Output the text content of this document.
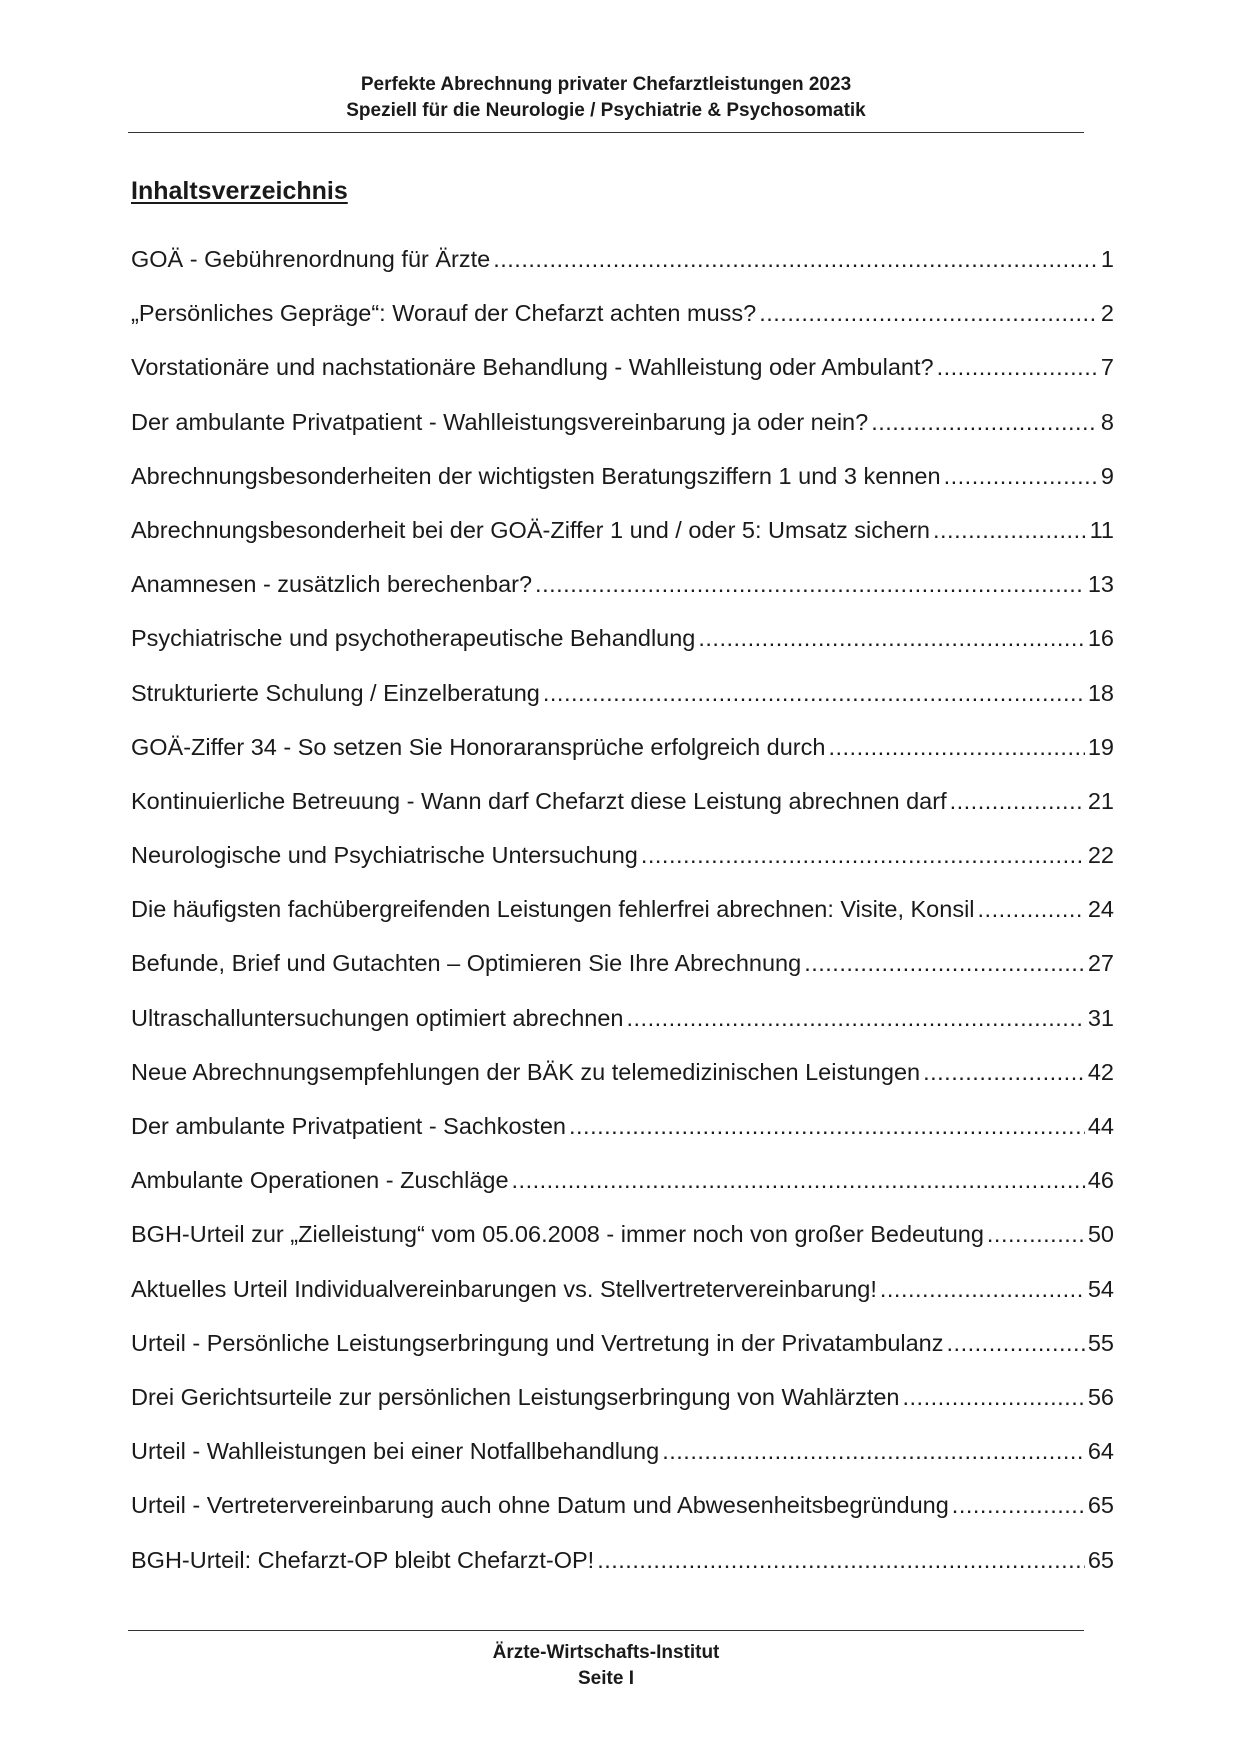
Perfekte Abrechnung privater Chefarztleistungen 2023
Speziell für die Neurologie / Psychiatrie & Psychosomatik
Inhaltsverzeichnis
GOÄ - Gebührenordnung für Ärzte .....	1
„Persönliches Gepräge“: Worauf der Chefarzt achten muss? .....	2
Vorstationäre und nachstationäre Behandlung - Wahlleistung oder Ambulant? .....	7
Der ambulante Privatpatient - Wahlleistungsvereinbarung ja oder nein? .....	8
Abrechnungsbesonderheiten der wichtigsten Beratungsziffern 1 und 3 kennen .....	9
Abrechnungsbesonderheit bei der GOÄ-Ziffer 1 und / oder 5: Umsatz sichern .....	11
Anamnesen - zusätzlich berechenbar? .....	13
Psychiatrische und psychotherapeutische Behandlung .....	16
Strukturierte Schulung / Einzelberatung .....	18
GOÄ-Ziffer 34 - So setzen Sie Honoraransprüche erfolgreich durch .....	19
Kontinuierliche Betreuung - Wann darf Chefarzt diese Leistung abrechnen darf .....	21
Neurologische und Psychiatrische Untersuchung .....	22
Die häufigsten fachübergreifenden Leistungen fehlerfrei abrechnen: Visite, Konsil .....	24
Befunde, Brief und Gutachten – Optimieren Sie Ihre Abrechnung .....	27
Ultraschalluntersuchungen optimiert abrechnen .....	31
Neue Abrechnungsempfehlungen der BÄK zu telemedizinischen Leistungen .....	42
Der ambulante Privatpatient - Sachkosten .....	44
Ambulante Operationen - Zuschläge .....	46
BGH-Urteil zur „Zielleistung“ vom 05.06.2008 - immer noch von großer Bedeutung .....	50
Aktuelles Urteil Individualvereinbarungen vs. Stellvertretervereinbarung! .....	54
Urteil - Persönliche Leistungserbringung und Vertretung in der Privatambulanz .....	55
Drei Gerichtsurteile zur persönlichen Leistungserbringung von Wahlärzten .....	56
Urteil - Wahlleistungen bei einer Notfallbehandlung .....	64
Urteil - Vertretervereinbarung auch ohne Datum und Abwesenheitsbegründung .....	65
BGH-Urteil: Chefarzt-OP bleibt Chefarzt-OP! .....	65
Ärzte-Wirtschafts-Institut
Seite I
